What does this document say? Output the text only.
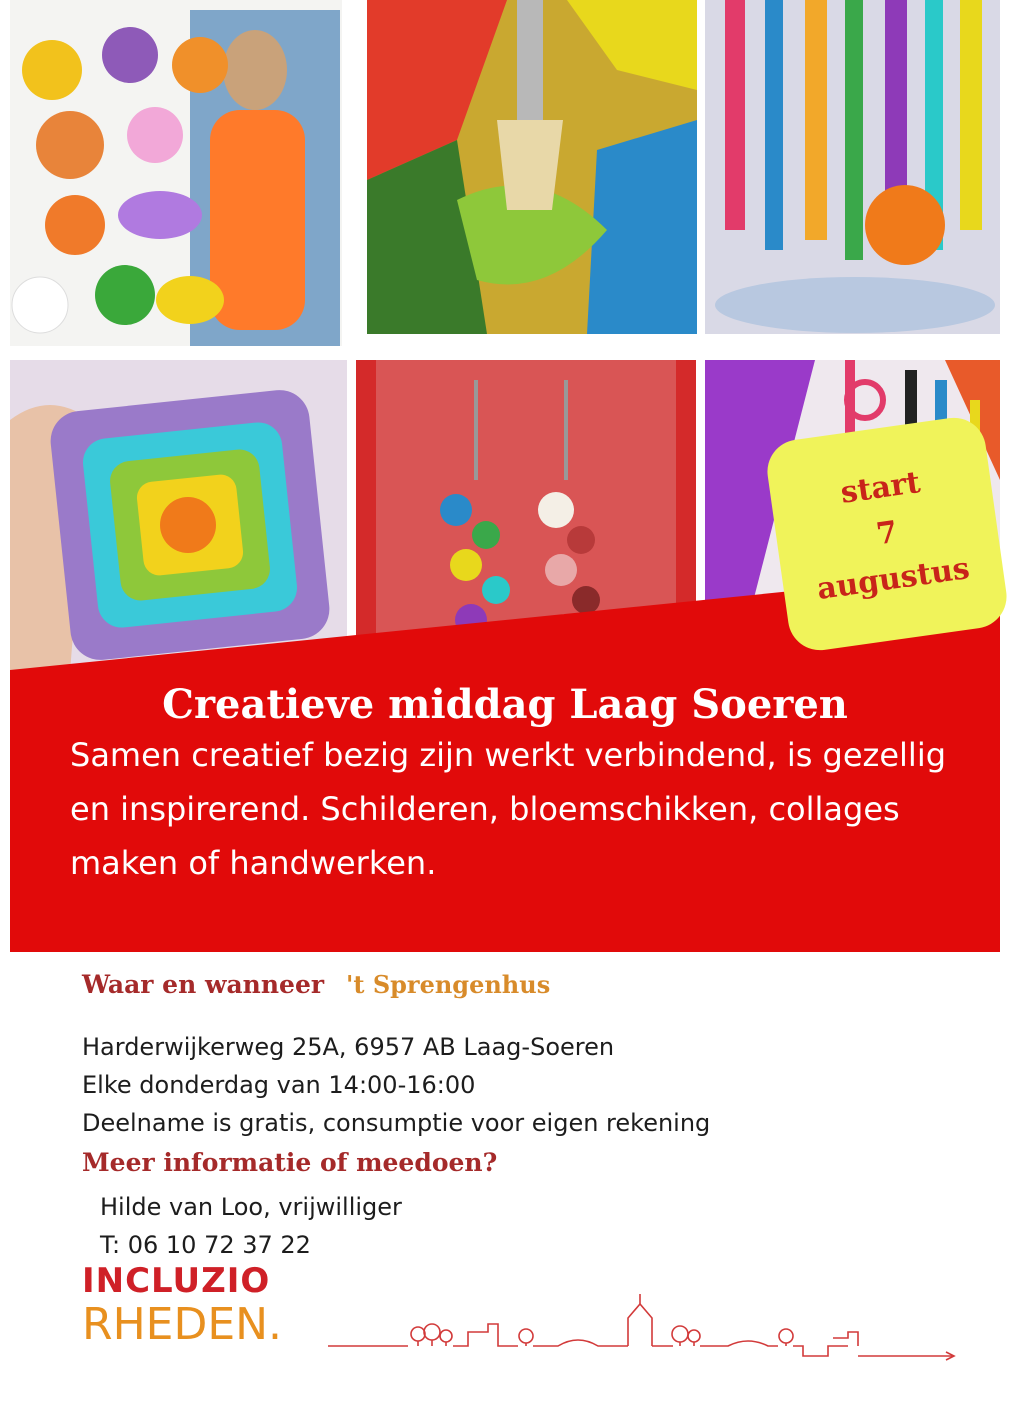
start
7
augustus
Creatieve middag Laag Soeren

Samen creatief bezig zijn werkt verbindend, is gezellig en inspirerend. Schilderen, bloemschikken, collages maken of handwerken.

Waar en wanneer 't Sprengenhus

Harderwijkerweg 25A, 6957 AB Laag-Soeren

Elke donderdag van 14:00-16:00

Deelname is gratis, consumptie voor eigen rekening

Meer informatie of meedoen?

Hilde van Loo, vrijwilliger

T: 06 10 72 37 22

INCLUZIO
RHEDEN.
